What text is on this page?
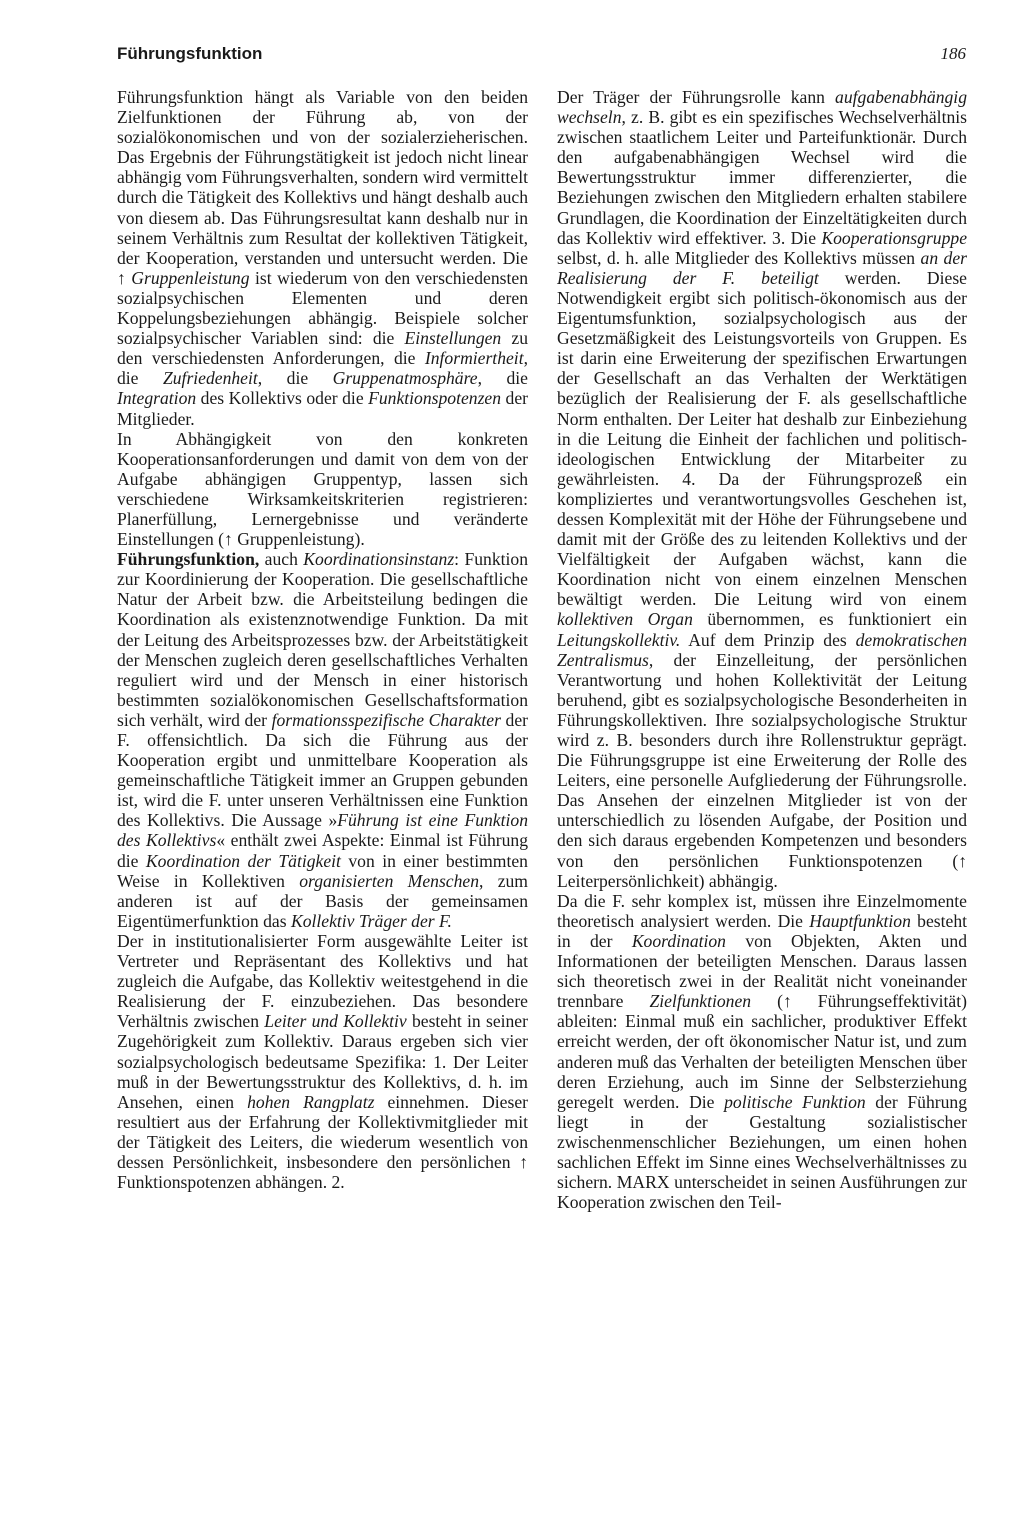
Führungsfunktion	186

Führungsfunktion hängt als Variable von den beiden Zielfunktionen der Führung ab, von der sozialökonomischen und von der sozialerzieherischen. Das Ergebnis der Führungstätigkeit ist jedoch nicht linear abhängig vom Führungsverhalten, sondern wird vermittelt durch die Tätigkeit des Kollektivs und hängt deshalb auch von diesem ab. Das Führungsresultat kann deshalb nur in seinem Verhältnis zum Resultat der kollektiven Tätigkeit, der Kooperation, verstanden und untersucht werden. Die ↑ Gruppenleistung ist wiederum von den verschiedensten sozialpsychischen Elementen und deren Koppelungsbeziehungen abhängig. Beispiele solcher sozialpsychischer Variablen sind: die Einstellungen zu den verschiedensten Anforderungen, die Informiertheit, die Zufriedenheit, die Gruppenatmosphäre, die Integration des Kollektivs oder die Funktionspotenzen der Mitglieder.

In Abhängigkeit von den konkreten Kooperationsanforderungen und damit von dem von der Aufgabe abhängigen Gruppentyp, lassen sich verschiedene Wirksamkeitskriterien registrieren: Planerfüllung, Lernergebnisse und veränderte Einstellungen (↑ Gruppenleistung).

Führungsfunktion, auch Koordinationsinstanz: Funktion zur Koordinierung der Kooperation. Die gesellschaftliche Natur der Arbeit bzw. die Arbeitsteilung bedingen die Koordination als existenznotwendige Funktion. Da mit der Leitung des Arbeitsprozesses bzw. der Arbeitstätigkeit der Menschen zugleich deren gesellschaftliches Verhalten reguliert wird und der Mensch in einer historisch bestimmten sozialökonomischen Gesellschaftsformation sich verhält, wird der formationsspezifische Charakter der F. offensichtlich. Da sich die Führung aus der Kooperation ergibt und unmittelbare Kooperation als gemeinschaftliche Tätigkeit immer an Gruppen gebunden ist, wird die F. unter unseren Verhältnissen eine Funktion des Kollektivs. Die Aussage »Führung ist eine Funktion des Kollektivs« enthält zwei Aspekte: Einmal ist Führung die Koordination der Tätigkeit von in einer bestimmten Weise in Kollektiven organisierten Menschen, zum anderen ist auf der Basis der gemeinsamen Eigentümerfunktion das Kollektiv Träger der F.

Der in institutionalisierter Form ausgewählte Leiter ist Vertreter und Repräsentant des Kollektivs und hat zugleich die Aufgabe, das Kollektiv weitestgehend in die Realisierung der F. einzubeziehen. Das besondere Verhältnis zwischen Leiter und Kollektiv besteht in seiner Zugehörigkeit zum Kollektiv. Daraus ergeben sich vier sozialpsychologisch bedeutsame Spezifika: 1. Der Leiter muß in der Bewertungsstruktur des Kollektivs, d. h. im Ansehen, einen hohen Rangplatz einnehmen. Dieser resultiert aus der Erfahrung der Kollektivmitglieder mit der Tätigkeit des Leiters, die wiederum wesentlich von dessen Persönlichkeit, insbesondere den persönlichen ↑ Funktionspotenzen abhängen. 2.

Der Träger der Führungsrolle kann aufgabenabhängig wechseln, z. B. gibt es ein spezifisches Wechselverhältnis zwischen staatlichem Leiter und Parteifunktionär. Durch den aufgabenabhängigen Wechsel wird die Bewertungsstruktur immer differenzierter, die Beziehungen zwischen den Mitgliedern erhalten stabilere Grundlagen, die Koordination der Einzeltätigkeiten durch das Kollektiv wird effektiver. 3. Die Kooperationsgruppe selbst, d. h. alle Mitglieder des Kollektivs müssen an der Realisierung der F. beteiligt werden. Diese Notwendigkeit ergibt sich politisch-ökonomisch aus der Eigentumsfunktion, sozialpsychologisch aus der Gesetzmäßigkeit des Leistungsvorteils von Gruppen. Es ist darin eine Erweiterung der spezifischen Erwartungen der Gesellschaft an das Verhalten der Werktätigen bezüglich der Realisierung der F. als gesellschaftliche Norm enthalten. Der Leiter hat deshalb zur Einbeziehung in die Leitung die Einheit der fachlichen und politisch-ideologischen Entwicklung der Mitarbeiter zu gewährleisten. 4. Da der Führungsprozeß ein kompliziertes und verantwortungsvolles Geschehen ist, dessen Komplexität mit der Höhe der Führungsebene und damit mit der Größe des zu leitenden Kollektivs und der Vielfältigkeit der Aufgaben wächst, kann die Koordination nicht von einem einzelnen Menschen bewältigt werden. Die Leitung wird von einem kollektiven Organ übernommen, es funktioniert ein Leitungskollektiv. Auf dem Prinzip des demokratischen Zentralismus, der Einzelleitung, der persönlichen Verantwortung und hohen Kollektivität der Leitung beruhend, gibt es sozialpsychologische Besonderheiten in Führungskollektiven. Ihre sozialpsychologische Struktur wird z. B. besonders durch ihre Rollenstruktur geprägt. Die Führungsgruppe ist eine Erweiterung der Rolle des Leiters, eine personelle Aufgliederung der Führungsrolle. Das Ansehen der einzelnen Mitglieder ist von der unterschiedlich zu lösenden Aufgabe, der Position und den sich daraus ergebenden Kompetenzen und besonders von den persönlichen Funktionspotenzen (↑ Leiterpersönlichkeit) abhängig.

Da die F. sehr komplex ist, müssen ihre Einzelmomente theoretisch analysiert werden. Die Hauptfunktion besteht in der Koordination von Objekten, Akten und Informationen der beteiligten Menschen. Daraus lassen sich theoretisch zwei in der Realität nicht voneinander trennbare Zielfunktionen (↑ Führungseffektivität) ableiten: Einmal muß ein sachlicher, produktiver Effekt erreicht werden, der oft ökonomischer Natur ist, und zum anderen muß das Verhalten der beteiligten Menschen über deren Erziehung, auch im Sinne der Selbsterziehung geregelt werden. Die politische Funktion der Führung liegt in der Gestaltung sozialistischer zwischenmenschlicher Beziehungen, um einen hohen sachlichen Effekt im Sinne eines Wechselverhältnisses zu sichern. MARX unterscheidet in seinen Ausführungen zur Kooperation zwischen den Teil-
